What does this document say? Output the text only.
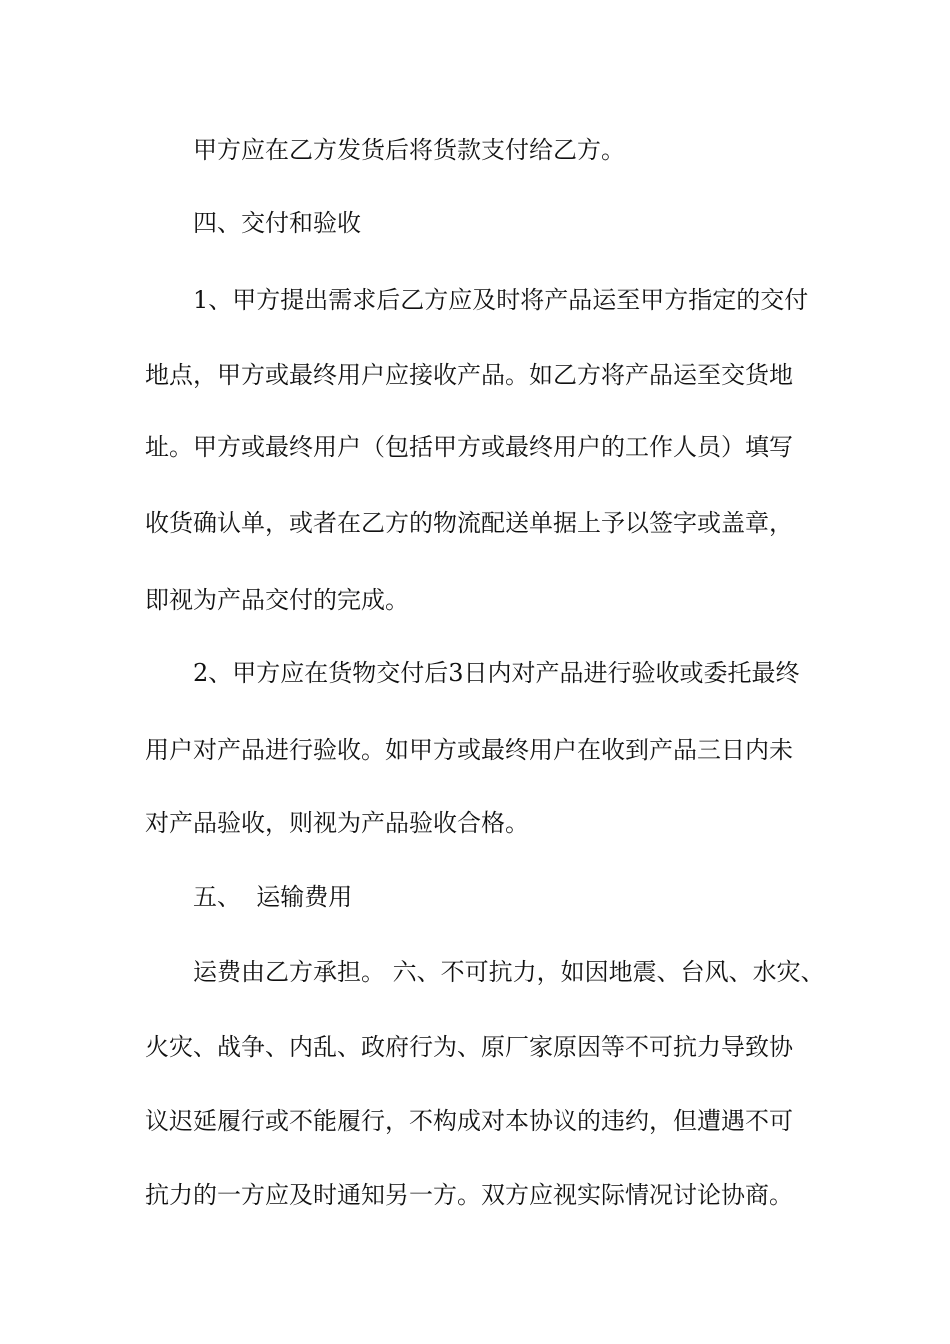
甲方应在乙方发货后将货款支付给乙方。
四、交付和验收
1、甲方提出需求后乙方应及时将产品运至甲方指定的交付
地点，甲方或最终用户应接收产品。如乙方将产品运至交货地
址。甲方或最终用户（包括甲方或最终用户的工作人员）填写
收货确认单，或者在乙方的物流配送单据上予以签字或盖章，
即视为产品交付的完成。
2、甲方应在货物交付后3日内对产品进行验收或委托最终
用户对产品进行验收。如甲方或最终用户在收到产品三日内未
对产品验收，则视为产品验收合格。
五、  运输费用
运费由乙方承担。 六、不可抗力，如因地震、台风、水灾、
火灾、战争、内乱、政府行为、原厂家原因等不可抗力导致协
议迟延履行或不能履行，不构成对本协议的违约，但遭遇不可
抗力的一方应及时通知另一方。双方应视实际情况讨论协商。
